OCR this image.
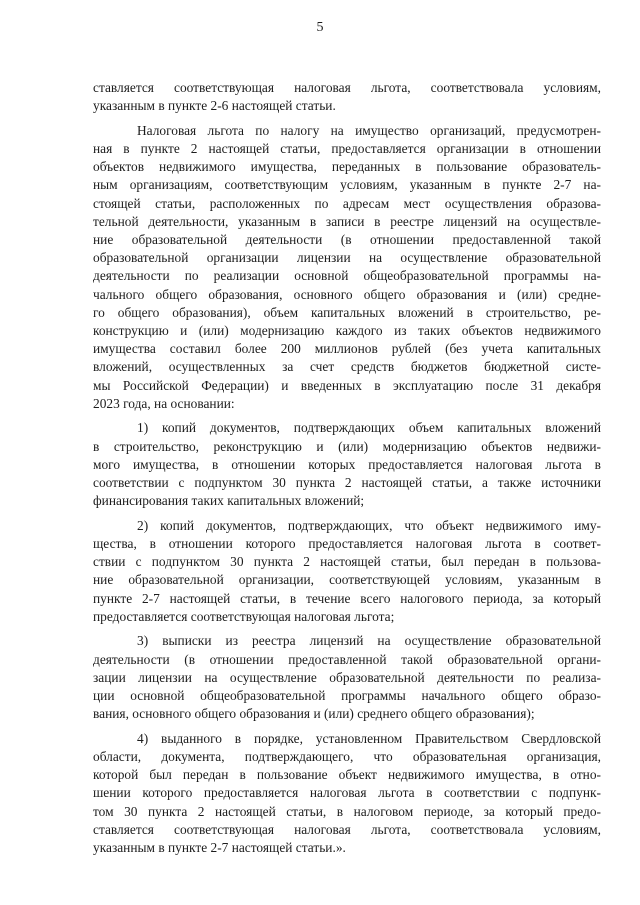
5
ставляется соответствующая налоговая льгота, соответствовала условиям,
указанным в пункте 2-6 настоящей статьи.
Налоговая льгота по налогу на имущество организаций, предусмотрен-
ная в пункте 2 настоящей статьи, предоставляется организации в отношении
объектов недвижимого имущества, переданных в пользование образователь-
ным организациям, соответствующим условиям, указанным в пункте 2-7 на-
стоящей статьи, расположенных по адресам мест осуществления образова-
тельной деятельности, указанным в записи в реестре лицензий на осуществле-
ние образовательной деятельности (в отношении предоставленной такой
образовательной организации лицензии на осуществление образовательной
деятельности по реализации основной общеобразовательной программы на-
чального общего образования, основного общего образования и (или) средне-
го общего образования), объем капитальных вложений в строительство, ре-
конструкцию и (или) модернизацию каждого из таких объектов недвижимого
имущества составил более 200 миллионов рублей (без учета капитальных
вложений, осуществленных за счет средств бюджетов бюджетной систе-
мы Российской Федерации) и введенных в эксплуатацию после 31 декабря
2023 года, на основании:
1) копий документов, подтверждающих объем капитальных вложений
в строительство, реконструкцию и (или) модернизацию объектов недвижи-
мого имущества, в отношении которых предоставляется налоговая льгота в
соответствии с подпунктом 30 пункта 2 настоящей статьи, а также источники
финансирования таких капитальных вложений;
2) копий документов, подтверждающих, что объект недвижимого иму-
щества, в отношении которого предоставляется налоговая льгота в соответ-
ствии с подпунктом 30 пункта 2 настоящей статьи, был передан в пользова-
ние образовательной организации, соответствующей условиям, указанным в
пункте 2-7 настоящей статьи, в течение всего налогового периода, за который
предоставляется соответствующая налоговая льгота;
3) выписки из реестра лицензий на осуществление образовательной
деятельности (в отношении предоставленной такой образовательной органи-
зации лицензии на осуществление образовательной деятельности по реализа-
ции основной общеобразовательной программы начального общего образо-
вания, основного общего образования и (или) среднего общего образования);
4) выданного в порядке, установленном Правительством Свердловской
области, документа, подтверждающего, что образовательная организация,
которой был передан в пользование объект недвижимого имущества, в отно-
шении которого предоставляется налоговая льгота в соответствии с подпунк-
том 30 пункта 2 настоящей статьи, в налоговом периоде, за который предо-
ставляется соответствующая налоговая льгота, соответствовала условиям,
указанным в пункте 2-7 настоящей статьи.».
